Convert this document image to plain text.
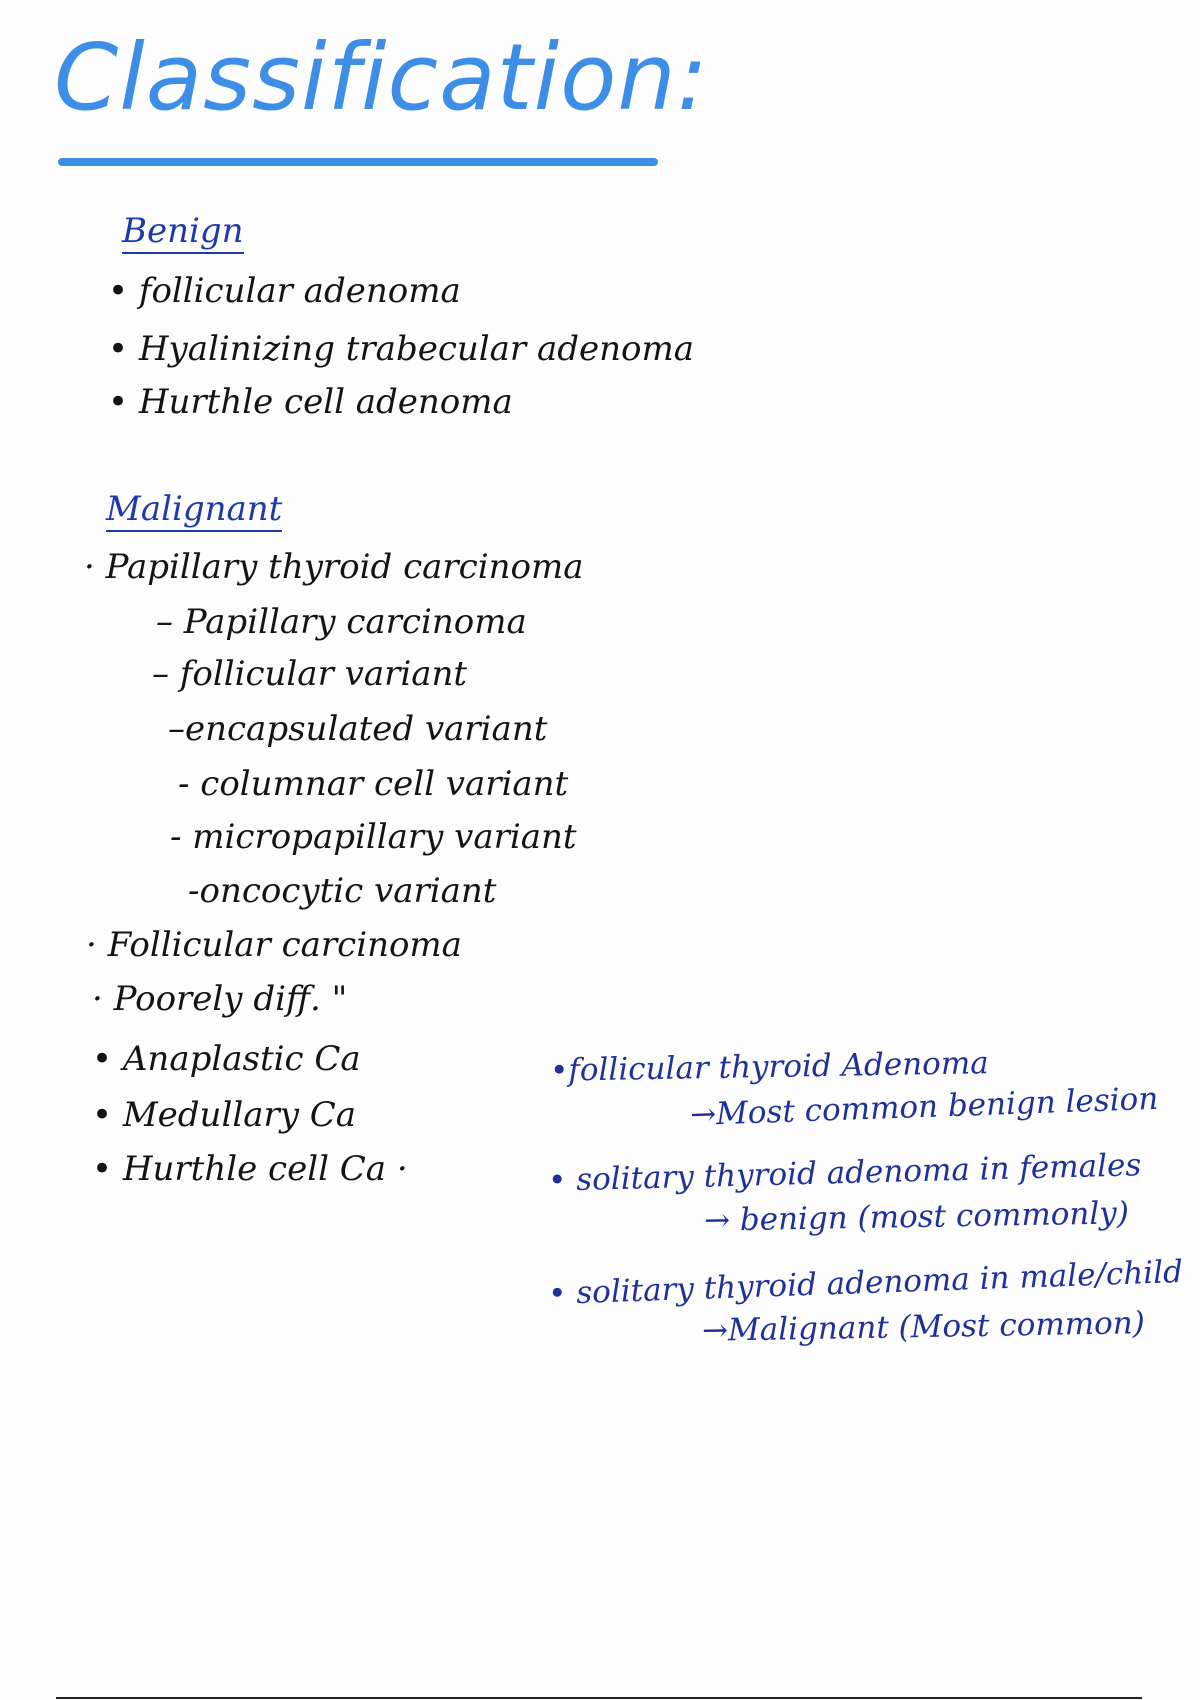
Classification:
Benign
• follicular adenoma
• Hyalinizing trabecular adenoma
• Hurthle cell adenoma
Malignant
· Papillary thyroid carcinoma
– Papillary carcinoma
– follicular variant
–encapsulated variant
- columnar cell variant
- micropapillary variant
-oncocytic variant
· Follicular carcinoma
· Poorely diff. "
• Anaplastic Ca
• Medullary Ca
• Hurthle cell Ca ·
•follicular thyroid Adenoma
→Most common benign lesion
• solitary thyroid adenoma in females
→ benign (most commonly)
• solitary thyroid adenoma in male/child
→Malignant (Most common)
